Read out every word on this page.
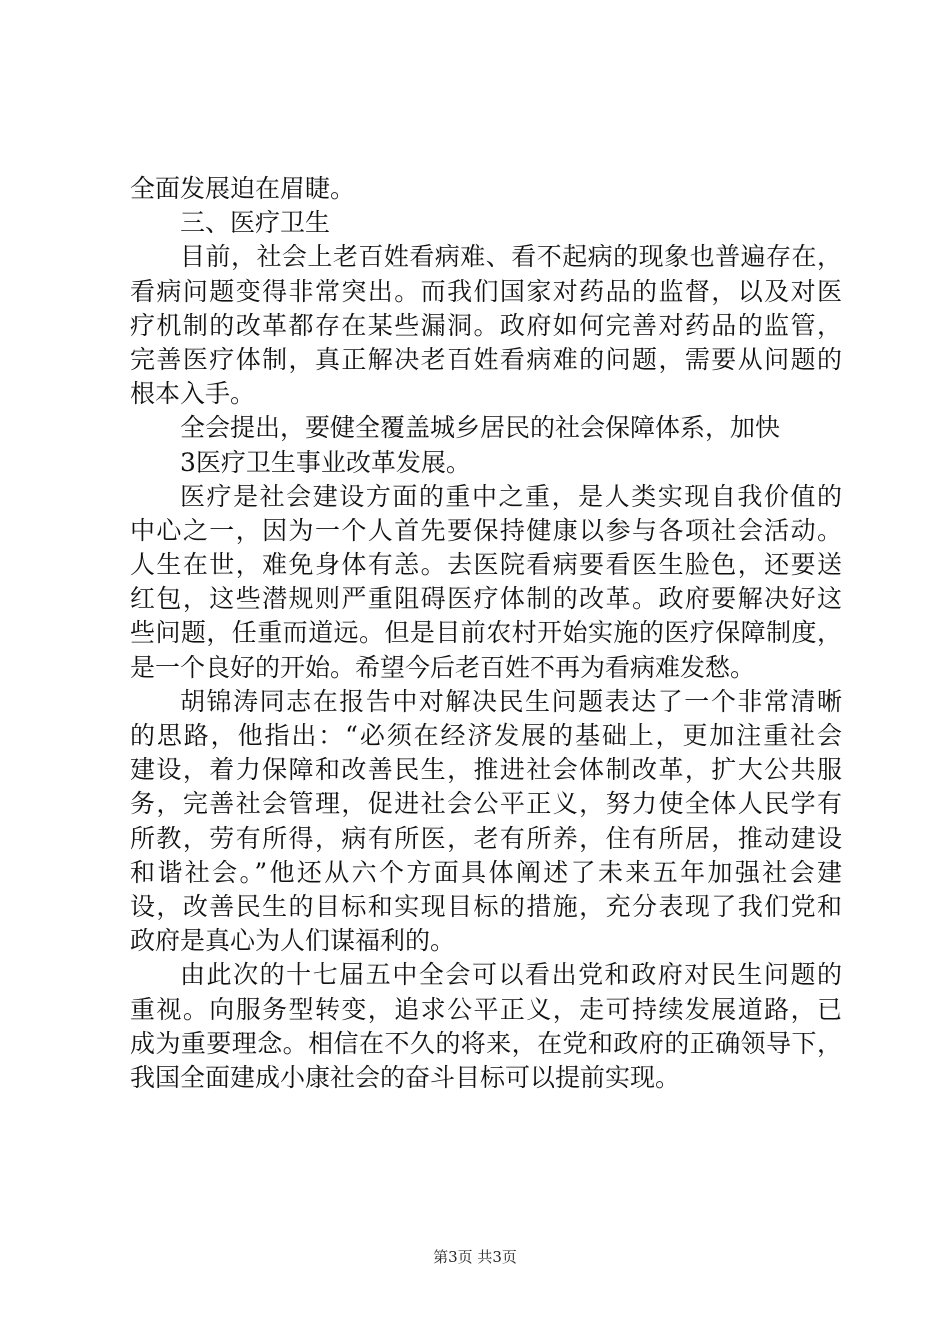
全面发展迫在眉睫。
三、医疗卫生
目前，社会上老百姓看病难、看不起病的现象也普遍存在，
看病问题变得非常突出。而我们国家对药品的监督，以及对医
疗机制的改革都存在某些漏洞。政府如何完善对药品的监管，
完善医疗体制，真正解决老百姓看病难的问题，需要从问题的
根本入手。
全会提出，要健全覆盖城乡居民的社会保障体系，加快
3医疗卫生事业改革发展。
医疗是社会建设方面的重中之重，是人类实现自我价值的
中心之一，因为一个人首先要保持健康以参与各项社会活动。
人生在世，难免身体有恙。去医院看病要看医生脸色，还要送
红包，这些潜规则严重阻碍医疗体制的改革。政府要解决好这
些问题，任重而道远。但是目前农村开始实施的医疗保障制度，
是一个良好的开始。希望今后老百姓不再为看病难发愁。
胡锦涛同志在报告中对解决民生问题表达了一个非常清晰
的思路，他指出：“必须在经济发展的基础上，更加注重社会
建设，着力保障和改善民生，推进社会体制改革，扩大公共服
务，完善社会管理，促进社会公平正义，努力使全体人民学有
所教，劳有所得，病有所医，老有所养，住有所居，推动建设
和谐社会。”他还从六个方面具体阐述了未来五年加强社会建
设，改善民生的目标和实现目标的措施，充分表现了我们党和
政府是真心为人们谋福利的。
由此次的十七届五中全会可以看出党和政府对民生问题的
重视。向服务型转变，追求公平正义，走可持续发展道路，已
成为重要理念。相信在不久的将来，在党和政府的正确领导下，
我国全面建成小康社会的奋斗目标可以提前实现。
第3页 共3页
